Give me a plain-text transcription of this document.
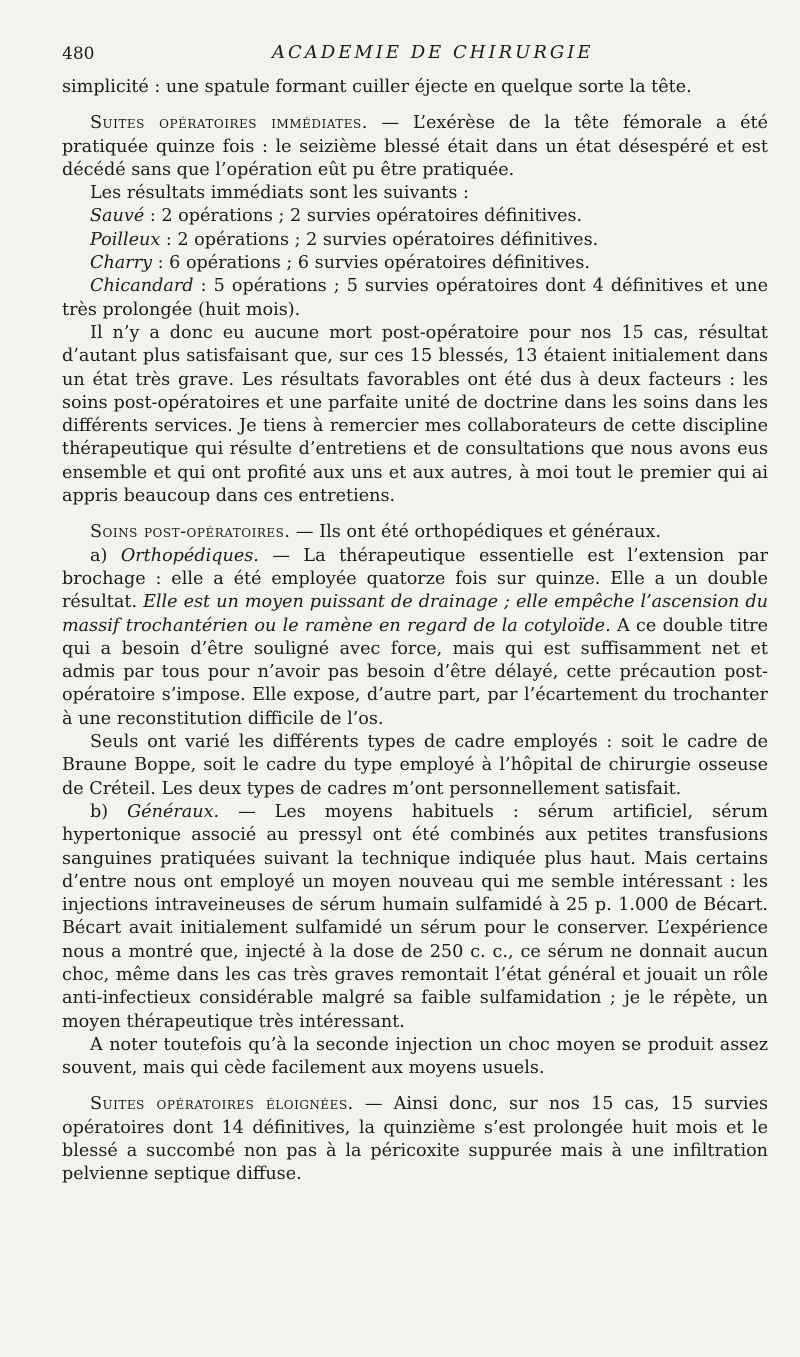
480	ACADEMIE DE CHIRURGIE

simplicité : une spatule formant cuiller éjecte en quelque sorte la tête.

Suites opératoires immédiates. — L’exérèse de la tête fémorale a été pratiquée quinze fois : le seizième blessé était dans un état désespéré et est décédé sans que l’opération eût pu être pratiquée.

Les résultats immédiats sont les suivants :

Sauvé : 2 opérations ; 2 survies opératoires définitives.

Poilleux : 2 opérations ; 2 survies opératoires définitives.

Charry : 6 opérations ; 6 survies opératoires définitives.

Chicandard : 5 opérations ; 5 survies opératoires dont 4 définitives et une très prolongée (huit mois).

Il n’y a donc eu aucune mort post-opératoire pour nos 15 cas, résultat d’autant plus satisfaisant que, sur ces 15 blessés, 13 étaient initialement dans un état très grave. Les résultats favorables ont été dus à deux facteurs : les soins post-opératoires et une parfaite unité de doctrine dans les soins dans les différents services. Je tiens à remercier mes collaborateurs de cette discipline thérapeutique qui résulte d’entretiens et de consultations que nous avons eus ensemble et qui ont profité aux uns et aux autres, à moi tout le premier qui ai appris beaucoup dans ces entretiens.

Soins post-opératoires. — Ils ont été orthopédiques et généraux.

a) Orthopédiques. — La thérapeutique essentielle est l’extension par brochage : elle a été employée quatorze fois sur quinze. Elle a un double résultat. Elle est un moyen puissant de drainage ; elle empêche l’ascension du massif trochantérien ou le ramène en regard de la cotyloïde. A ce double titre qui a besoin d’être souligné avec force, mais qui est suffisamment net et admis par tous pour n’avoir pas besoin d’être délayé, cette précaution post-opératoire s’impose. Elle expose, d’autre part, par l’écartement du trochanter à une reconstitution difficile de l’os.

Seuls ont varié les différents types de cadre employés : soit le cadre de Braune Boppe, soit le cadre du type employé à l’hôpital de chirurgie osseuse de Créteil. Les deux types de cadres m’ont personnellement satisfait.

b) Généraux. — Les moyens habituels : sérum artificiel, sérum hypertonique associé au pressyl ont été combinés aux petites transfusions sanguines pratiquées suivant la technique indiquée plus haut. Mais certains d’entre nous ont employé un moyen nouveau qui me semble intéressant : les injections intraveineuses de sérum humain sulfamidé à 25 p. 1.000 de Bécart. Bécart avait initialement sulfamidé un sérum pour le conserver. L’expérience nous a montré que, injecté à la dose de 250 c. c., ce sérum ne donnait aucun choc, même dans les cas très graves remontait l’état général et jouait un rôle anti-infectieux considérable malgré sa faible sulfamidation ; je le répète, un moyen thérapeutique très intéressant.

A noter toutefois qu’à la seconde injection un choc moyen se produit assez souvent, mais qui cède facilement aux moyens usuels.

Suites opératoires éloignées. — Ainsi donc, sur nos 15 cas, 15 survies opératoires dont 14 définitives, la quinzième s’est prolongée huit mois et le blessé a succombé non pas à la péricoxite suppurée mais à une infiltration pelvienne septique diffuse.
